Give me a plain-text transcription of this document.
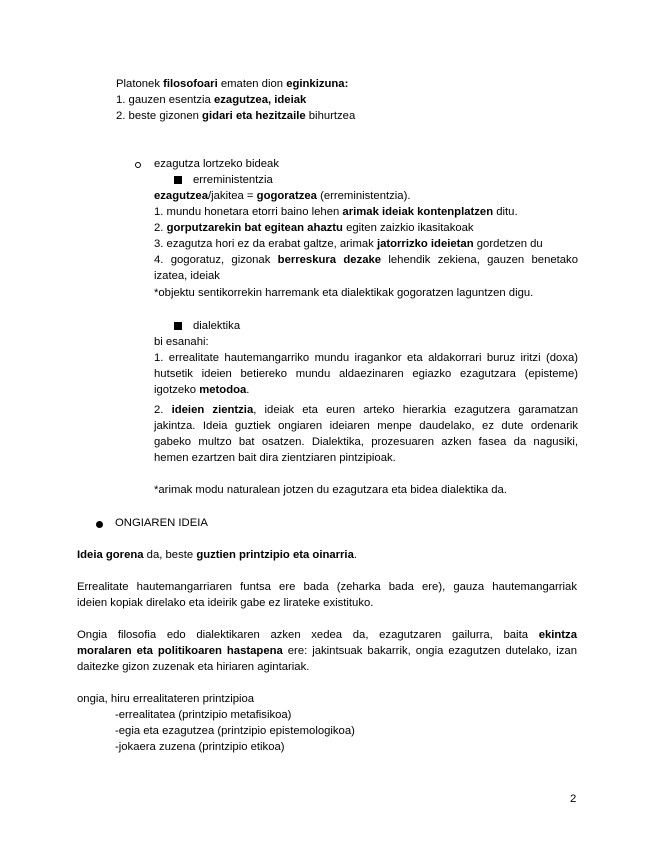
Platonek filosofoari ematen dion eginkizuna:
1. gauzen esentzia ezagutzea, ideiak
2. beste gizonen gidari eta hezitzaile bihurtzea
ezagutza lortzeko bideak
erreministentzia
ezagutzea/jakitea = gogoratzea (erreministentzia).
1. mundu honetara etorri baino lehen arimak ideiak kontenplatzen ditu.
2. gorputzarekin bat egitean ahaztu egiten zaizkio ikasitakoak
3. ezagutza hori ez da erabat galtze, arimak jatorrizko ideietan gordetzen du
4. gogoratuz, gizonak berreskura dezake lehendik zekiena, gauzen benetako
izatea, ideiak
*objektu sentikorrekin harremank eta dialektikak gogoratzen laguntzen digu.
dialektika
bi esanahi:
1. errealitate hautemangarriko mundu iragankor eta aldakorrari buruz iritzi (doxa)
hutsetik ideien betiereko mundu aldaezinaren egiazko ezagutzara (episteme)
igotzeko metodoa.
2. ideien zientzia, ideiak eta euren arteko hierarkia ezagutzera garamatzan
jakintza. Ideia guztiek ongiaren ideiaren menpe daudelako, ez dute ordenarik
gabeko multzo bat osatzen. Dialektika, prozesuaren azken fasea da nagusiki,
hemen ezartzen bait dira zientziaren pintzipioak.
*arimak modu naturalean jotzen du ezagutzara eta bidea dialektika da.
ONGIAREN IDEIA
Ideia gorena da, beste guztien printzipio eta oinarria.
Errealitate hautemangarriaren funtsa ere bada (zeharka bada ere), gauza hautemangarriak
ideien kopiak direlako eta ideirik gabe ez lirateke existituko.
Ongia filosofia edo dialektikaren azken xedea da, ezagutzaren gailurra, baita ekintza
moralaren eta politikoaren hastapena ere: jakintsuak bakarrik, ongia ezagutzen dutelako, izan
daitezke gizon zuzenak eta hiriaren agintariak.
ongia, hiru errealitateren printzipioa
-errealitatea (printzipio metafisikoa)
-egia eta ezagutzea (printzipio epistemologikoa)
-jokaera zuzena (printzipio etikoa)
2
